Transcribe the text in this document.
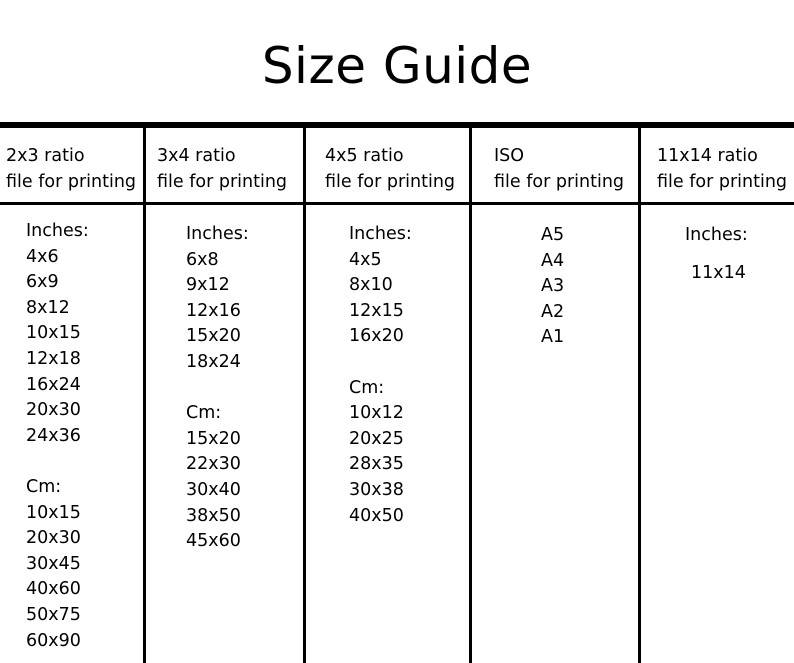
Size Guide
2x3 ratio
file for printing
3x4 ratio
file for printing
4x5 ratio
file for printing
ISO
file for printing
11x14 ratio
file for printing
Inches:
4x6
6x9
8x12
10x15
12x18
16x24
20x30
24x36
Cm:
10x15
20x30
30x45
40x60
50x75
60x90
Inches:
6x8
9x12
12x16
15x20
18x24
Cm:
15x20
22x30
30x40
38x50
45x60
Inches:
4x5
8x10
12x15
16x20
Cm:
10x12
20x25
28x35
30x38
40x50
A5
A4
A3
A2
A1
Inches:
11x14
